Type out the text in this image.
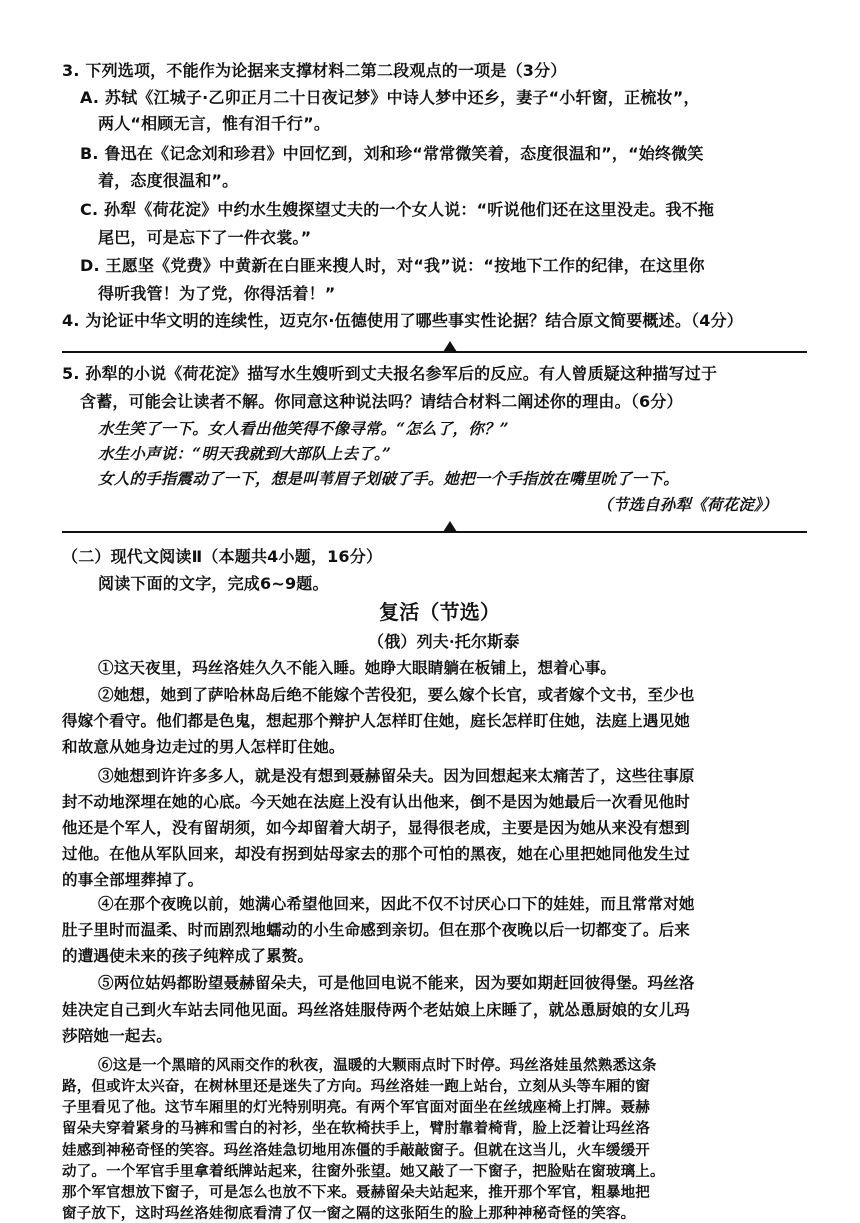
3. 下列选项，不能作为论据来支撑材料二第二段观点的一项是（3分）
A. 苏轼《江城子·乙卯正月二十日夜记梦》中诗人梦中还乡，妻子“小轩窗，正梳妆”，
两人“相顾无言，惟有泪千行”。
B. 鲁迅在《记念刘和珍君》中回忆到，刘和珍“常常微笑着，态度很温和”，“始终微笑
着，态度很温和”。
C. 孙犁《荷花淀》中约水生嫂探望丈夫的一个女人说：“听说他们还在这里没走。我不拖
尾巴，可是忘下了一件衣裳。”
D. 王愿坚《党费》中黄新在白匪来搜人时，对“我”说：“按地下工作的纪律，在这里你
得听我管！为了党，你得活着！”
4. 为论证中华文明的连续性，迈克尔·伍德使用了哪些事实性论据？结合原文简要概述。（4分）
5. 孙犁的小说《荷花淀》描写水生嫂听到丈夫报名参军后的反应。有人曾质疑这种描写过于
含蓄，可能会让读者不解。你同意这种说法吗？请结合材料二阐述你的理由。（6分）
水生笑了一下。女人看出他笑得不像寻常。“怎么了，你？”
水生小声说：“明天我就到大部队上去了。”
女人的手指震动了一下，想是叫苇眉子划破了手。她把一个手指放在嘴里吮了一下。
（节选自孙犁《荷花淀》）
（二）现代文阅读Ⅱ（本题共4小题，16分）
阅读下面的文字，完成6~9题。
复活（节选）
（俄）列夫·托尔斯泰
①这天夜里，玛丝洛娃久久不能入睡。她睁大眼睛躺在板铺上，想着心事。
②她想，她到了萨哈林岛后绝不能嫁个苦役犯，要么嫁个长官，或者嫁个文书，至少也
得嫁个看守。他们都是色鬼，想起那个辩护人怎样盯住她，庭长怎样盯住她，法庭上遇见她
和故意从她身边走过的男人怎样盯住她。
③她想到许许多多人，就是没有想到聂赫留朵夫。因为回想起来太痛苦了，这些往事原
封不动地深埋在她的心底。今天她在法庭上没有认出他来，倒不是因为她最后一次看见他时
他还是个军人，没有留胡须，如今却留着大胡子，显得很老成，主要是因为她从来没有想到
过他。在他从军队回来，却没有拐到姑母家去的那个可怕的黑夜，她在心里把她同他发生过
的事全部埋葬掉了。
④在那个夜晚以前，她满心希望他回来，因此不仅不讨厌心口下的娃娃，而且常常对她
肚子里时而温柔、时而剧烈地蠕动的小生命感到亲切。但在那个夜晚以后一切都变了。后来
的遭遇使未来的孩子纯粹成了累赘。
⑤两位姑妈都盼望聂赫留朵夫，可是他回电说不能来，因为要如期赶回彼得堡。玛丝洛
娃决定自己到火车站去同他见面。玛丝洛娃服侍两个老姑娘上床睡了，就怂恿厨娘的女儿玛
莎陪她一起去。
⑥这是一个黑暗的风雨交作的秋夜，温暖的大颗雨点时下时停。玛丝洛娃虽然熟悉这条
路，但或许太兴奋，在树林里还是迷失了方向。玛丝洛娃一跑上站台，立刻从头等车厢的窗
子里看见了他。这节车厢里的灯光特别明亮。有两个军官面对面坐在丝绒座椅上打牌。聂赫
留朵夫穿着紧身的马裤和雪白的衬衫，坐在软椅扶手上，臂肘靠着椅背，脸上泛着让玛丝洛
娃感到神秘奇怪的笑容。玛丝洛娃急切地用冻僵的手敲敲窗子。但就在这当儿，火车缓缓开
动了。一个军官手里拿着纸牌站起来，往窗外张望。她又敲了一下窗子，把脸贴在窗玻璃上。
那个军官想放下窗子，可是怎么也放不下来。聂赫留朵夫站起来，推开那个军官，粗暴地把
窗子放下，这时玛丝洛娃彻底看清了仅一窗之隔的这张陌生的脸上那种神秘奇怪的笑容。
